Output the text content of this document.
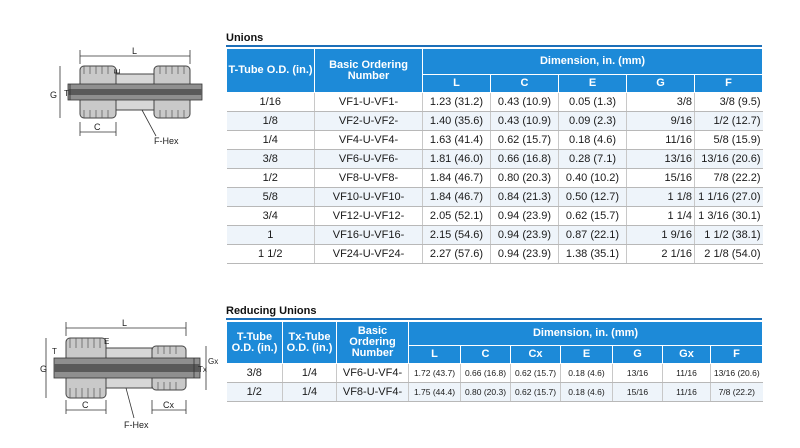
Unions
L
E
G T
C
F-Hex
T-Tube O.D. (in.)	Basic Ordering Number	Dimension, in. (mm)				
		L	C	E	G	F
1/16	VF1-U-VF1-	1.23 (31.2)	0.43 (10.9)	0.05 (1.3)	3/8	3/8 (9.5)
1/8	VF2-U-VF2-	1.40 (35.6)	0.43 (10.9)	0.09 (2.3)	9/16	1/2 (12.7)
1/4	VF4-U-VF4-	1.63 (41.4)	0.62 (15.7)	0.18 (4.6)	11/16	5/8 (15.9)
3/8	VF6-U-VF6-	1.81 (46.0)	0.66 (16.8)	0.28 (7.1)	13/16	13/16 (20.6)
1/2	VF8-U-VF8-	1.84 (46.7)	0.80 (20.3)	0.40 (10.2)	15/16	7/8 (22.2)
5/8	VF10-U-VF10-	1.84 (46.7)	0.84 (21.3)	0.50 (12.7)	1 1/8	1 1/16 (27.0)
3/4	VF12-U-VF12-	2.05 (52.1)	0.94 (23.9)	0.62 (15.7)	1 1/4	1 3/16 (30.1)
1	VF16-U-VF16-	2.15 (54.6)	0.94 (23.9)	0.87 (22.1)	1 9/16	1 1/2 (38.1)
1 1/2	VF24-U-VF24-	2.27 (57.6)	0.94 (23.9)	1.38 (35.1)	2 1/16	2 1/8 (54.0)
Reducing Unions
L
E
G
T
Tx
Gx
C	Cx
F-Hex
T-Tube O.D. (in.)	Tx-Tube O.D. (in.)	Basic Ordering Number	Dimension, in. (mm)						
			L	C	Cx	E	G	Gx	F
3/8	1/4	VF6-U-VF4-	1.72 (43.7)	0.66 (16.8)	0.62 (15.7)	0.18 (4.6)	13/16	11/16	13/16 (20.6)
1/2	1/4	VF8-U-VF4-	1.75 (44.4)	0.80 (20.3)	0.62 (15.7)	0.18 (4.6)	15/16	11/16	7/8 (22.2)
